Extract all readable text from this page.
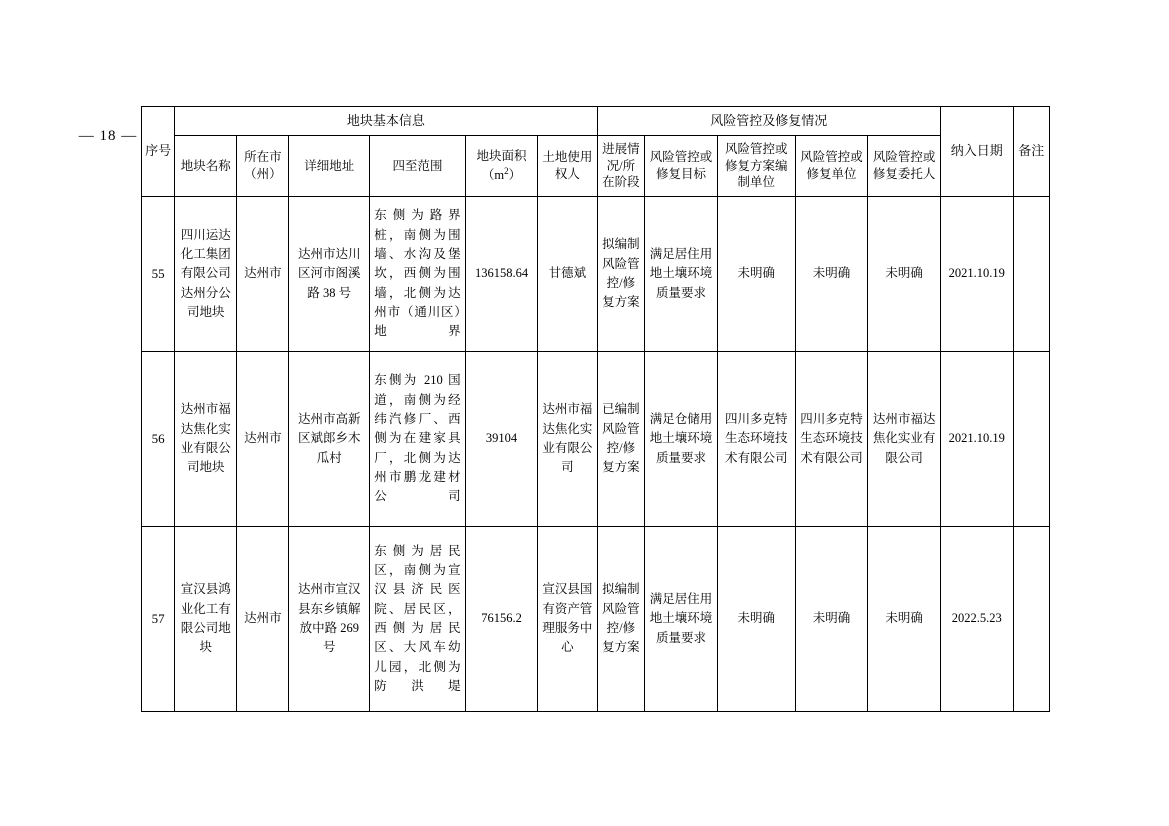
— 18 —
序号	地块基本信息						风险管控及修复情况					纳入日期	备注
	地块名称	所在市（州）	详细地址	四至范围	地块面积
$(m^2)$	土地使用权人	进展情况/所在阶段	风险管控或修复目标	风险管控或修复方案编制单位	风险管控或修复单位	风险管控或修复委托人		
55	四川运达化工集团有限公司达州分公司地块	达州市	达州市达川区河市阁溪路 38 号	东侧为路界桩，南侧为围墙、水沟及堡坎，西侧为围墙，北侧为达州市（通川区）地界	136158.64	甘德斌	拟编制风险管控/修复方案	满足居住用地土壤环境质量要求	未明确	未明确	未明确	2021.10.19	
56	达州市福达焦化实业有限公司地块	达州市	达州市高新区斌郎乡木瓜村	东侧为 210 国道，南侧为经纬汽修厂、西侧为在建家具厂，北侧为达州市鹏龙建材公司	39104	达州市福达焦化实业有限公司	已编制风险管控/修复方案	满足仓储用地土壤环境质量要求	四川多克特生态环境技术有限公司	四川多克特生态环境技术有限公司	达州市福达焦化实业有限公司	2021.10.19	
57	宣汉县鸿业化工有限公司地块	达州市	达州市宣汉县东乡镇解放中路 269 号	东侧为居民区，南侧为宣汉县济民医院、居民区，西侧为居民区、大风车幼儿园，北侧为防洪堤	76156.2	宣汉县国有资产管理服务中心	拟编制风险管控/修复方案	满足居住用地土壤环境质量要求	未明确	未明确	未明确	2022.5.23	
